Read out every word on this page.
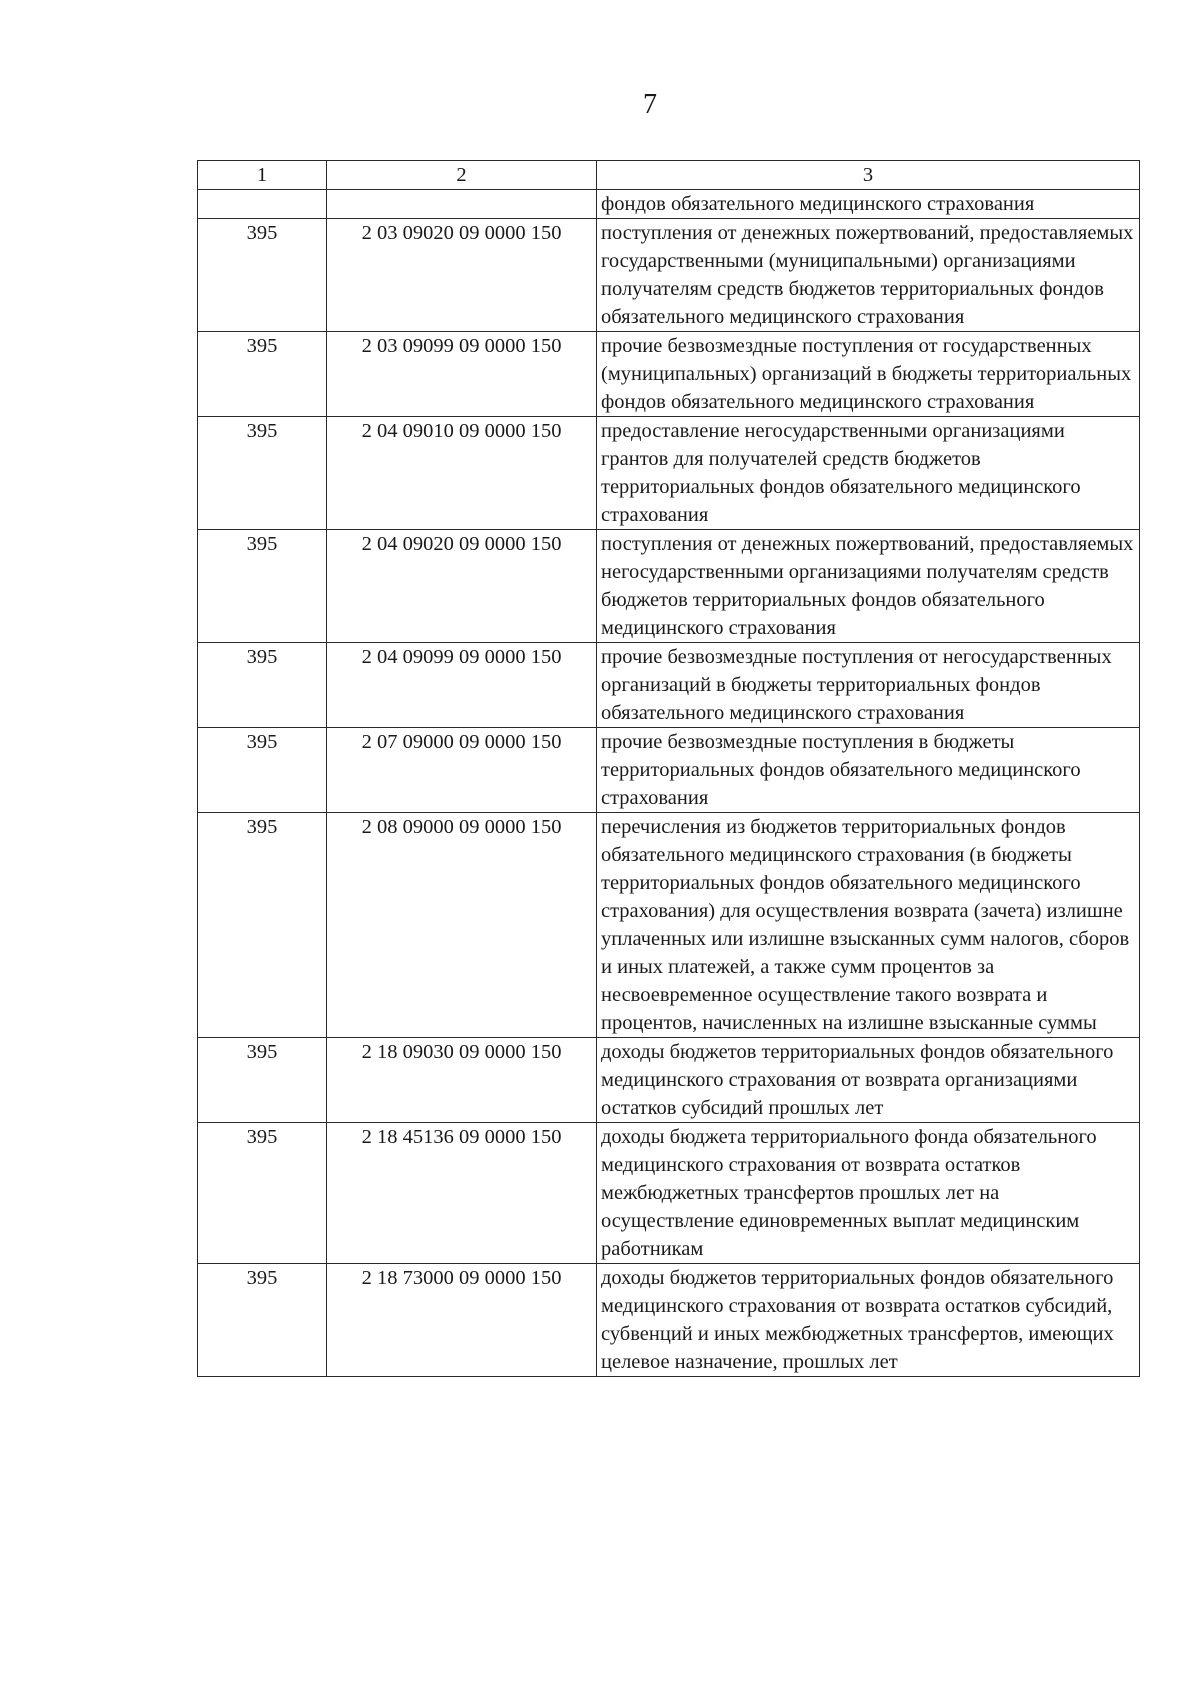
7
1	2	3
		фондов обязательного медицинского страхования
395	2 03 09020 09 0000 150	поступления от денежных пожертвований, предоставляемых государственными (муниципальными) организациями получателям средств бюджетов территориальных фондов обязательного медицинского страхования
395	2 03 09099 09 0000 150	прочие безвозмездные поступления от государственных (муниципальных) организаций в бюджеты территориальных фондов обязательного медицинского страхования
395	2 04 09010 09 0000 150	предоставление негосударственными организациями грантов для получателей средств бюджетов территориальных фондов обязательного медицинского страхования
395	2 04 09020 09 0000 150	поступления от денежных пожертвований, предоставляемых негосударственными организациями получателям средств бюджетов территориальных фондов обязательного медицинского страхования
395	2 04 09099 09 0000 150	прочие безвозмездные поступления от негосударственных организаций в бюджеты территориальных фондов обязательного медицинского страхования
395	2 07 09000 09 0000 150	прочие безвозмездные поступления в бюджеты территориальных фондов обязательного медицинского страхования
395	2 08 09000 09 0000 150	перечисления из бюджетов территориальных фондов обязательного медицинского страхования (в бюджеты территориальных фондов обязательного медицинского страхования) для осуществления возврата (зачета) излишне уплаченных или излишне взысканных сумм налогов, сборов и иных платежей, а также сумм процентов за несвоевременное осуществление такого возврата и процентов, начисленных на излишне взысканные суммы
395	2 18 09030 09 0000 150	доходы бюджетов территориальных фондов обязательного медицинского страхования от возврата организациями остатков субсидий прошлых лет
395	2 18 45136 09 0000 150	доходы бюджета территориального фонда обязательного медицинского страхования от возврата остатков межбюджетных трансфертов прошлых лет на осуществление единовременных выплат медицинским работникам
395	2 18 73000 09 0000 150	доходы бюджетов территориальных фондов обязательного медицинского страхования от возврата остатков субсидий, субвенций и иных межбюджетных трансфертов, имеющих целевое назначение, прошлых лет
